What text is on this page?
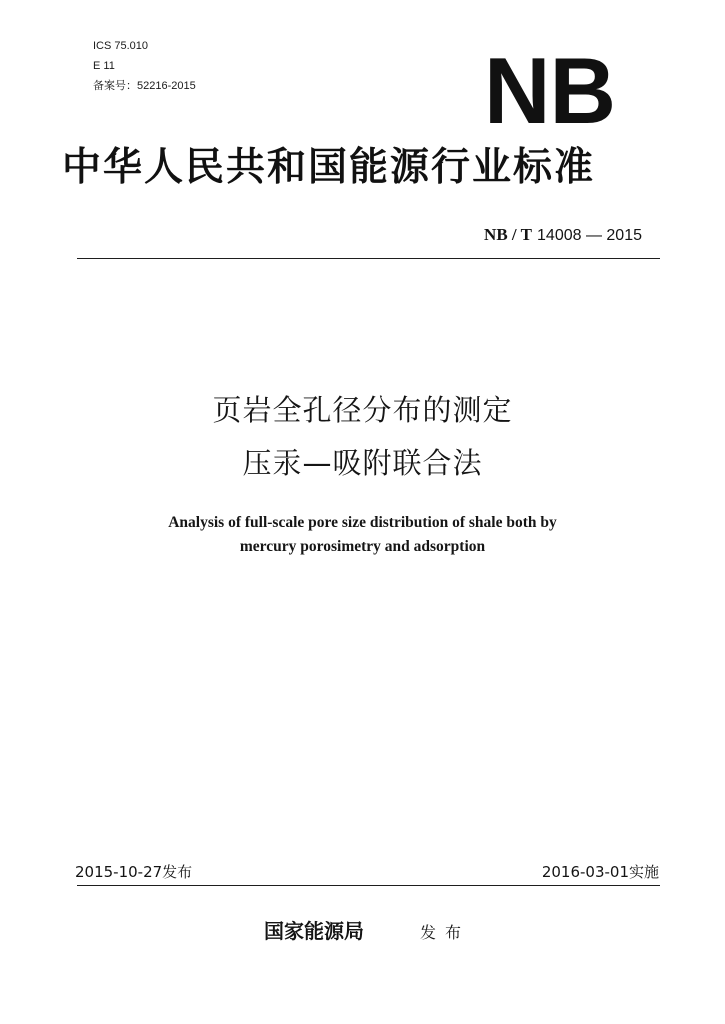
ICS 75.010
E 11
备案号：52216-2015	NB
中华人民共和国能源行业标准
NB / T 14008 — 2015
页岩全孔径分布的测定
压汞—吸附联合法
Analysis of full-scale pore size distribution of shale both by
mercury porosimetry and adsorption
2015-10-27发布	2016-03-01实施
国家能源局	发布
